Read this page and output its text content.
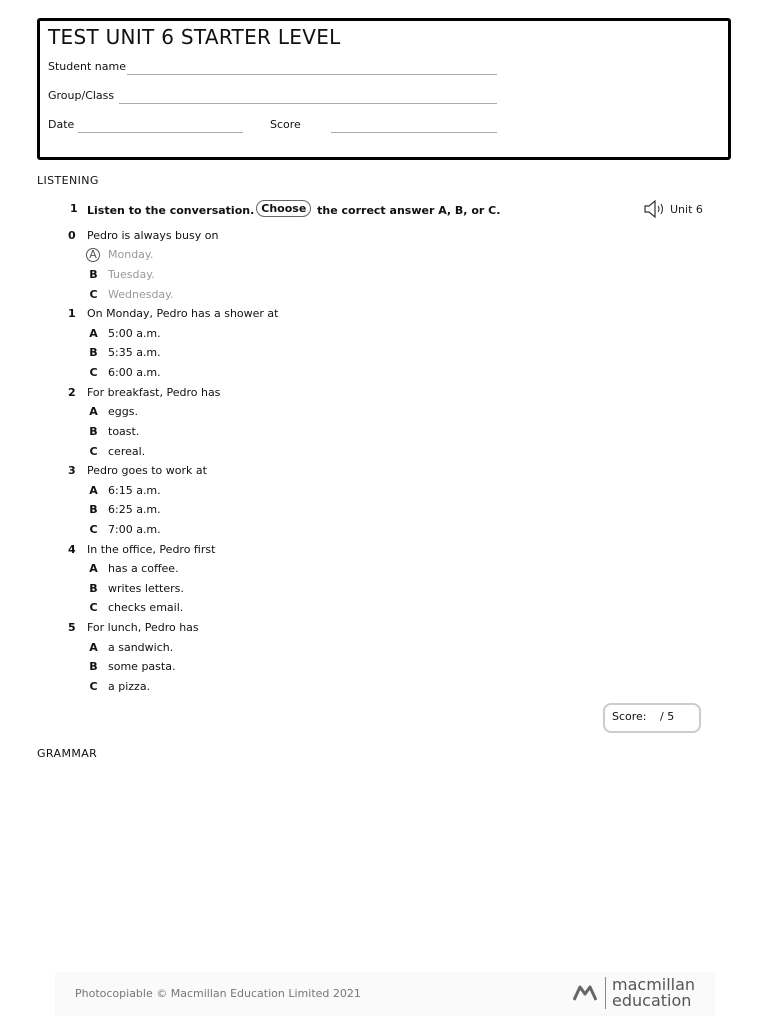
TEST UNIT 6 STARTER LEVEL
Student name
Group/Class
Date	Score
LISTENING
1 Listen to the conversation. Choose the correct answer A, B, or C.	Unit 6
0 Pedro is always busy on
A Monday.
B Tuesday.
C Wednesday.
1 On Monday, Pedro has a shower at
A 5:00 a.m.
B 5:35 a.m.
C 6:00 a.m.
2 For breakfast, Pedro has
A eggs.
B toast.
C cereal.
3 Pedro goes to work at
A 6:15 a.m.
B 6:25 a.m.
C 7:00 a.m.
4 In the office, Pedro first
A has a coffee.
B writes letters.
C checks email.
5 For lunch, Pedro has
A a sandwich.
B some pasta.
C a pizza.
Score: / 5
GRAMMAR
Photocopiable © Macmillan Education Limited 2021	macmillan
education
